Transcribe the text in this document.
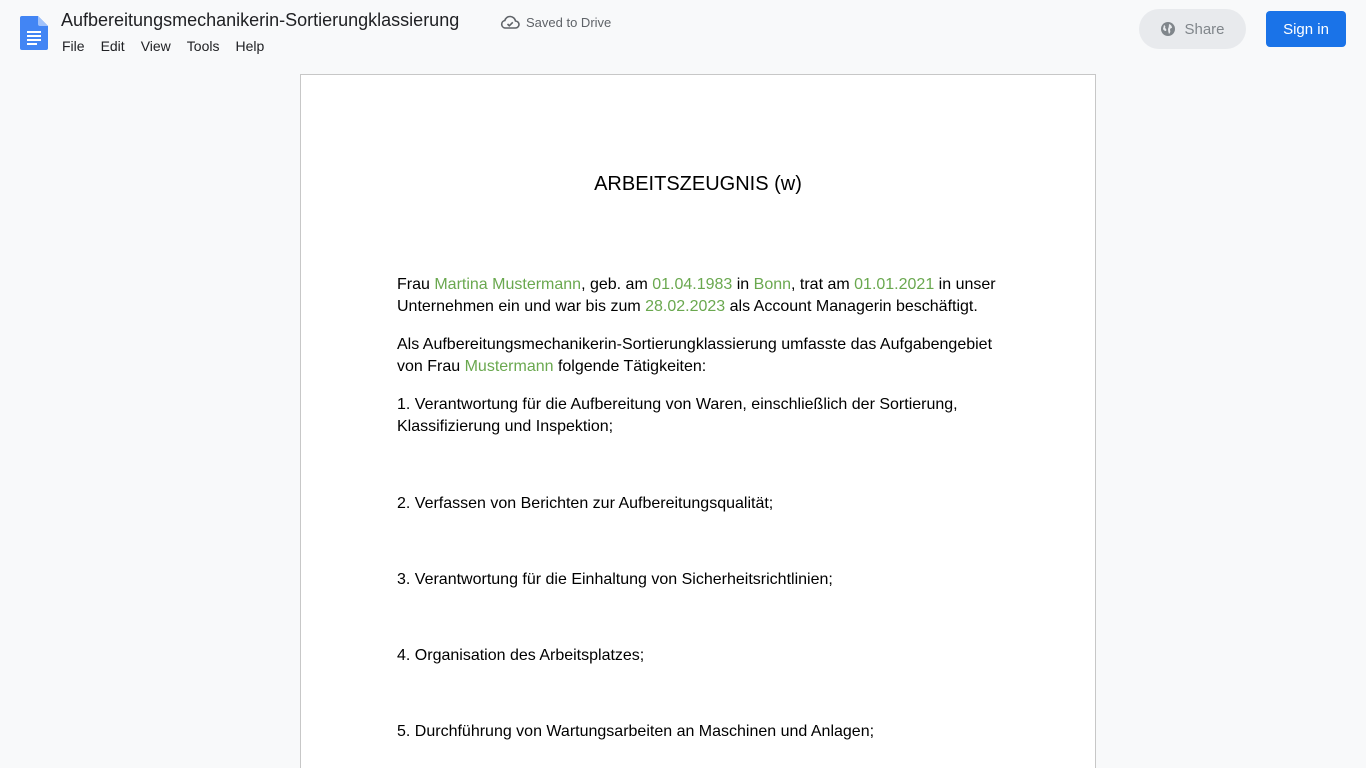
Aufbereitungsmechanikerin-Sortierungklassierung	Saved to Drive
File	Edit	View	Tools	Help
Share	Sign in
ARBEITSZEUGNIS (w)

Frau Martina Mustermann, geb. am 01.04.1983 in Bonn, trat am 01.01.2021 in unser Unternehmen ein und war bis zum 28.02.2023 als Account Managerin beschäftigt.

Als Aufbereitungsmechanikerin-Sortierungklassierung umfasste das Aufgabengebiet von Frau Mustermann folgende Tätigkeiten:

1. Verantwortung für die Aufbereitung von Waren, einschließlich der Sortierung, Klassifizierung und Inspektion;

2. Verfassen von Berichten zur Aufbereitungsqualität;

3. Verantwortung für die Einhaltung von Sicherheitsrichtlinien;

4. Organisation des Arbeitsplatzes;

5. Durchführung von Wartungsarbeiten an Maschinen und Anlagen;
